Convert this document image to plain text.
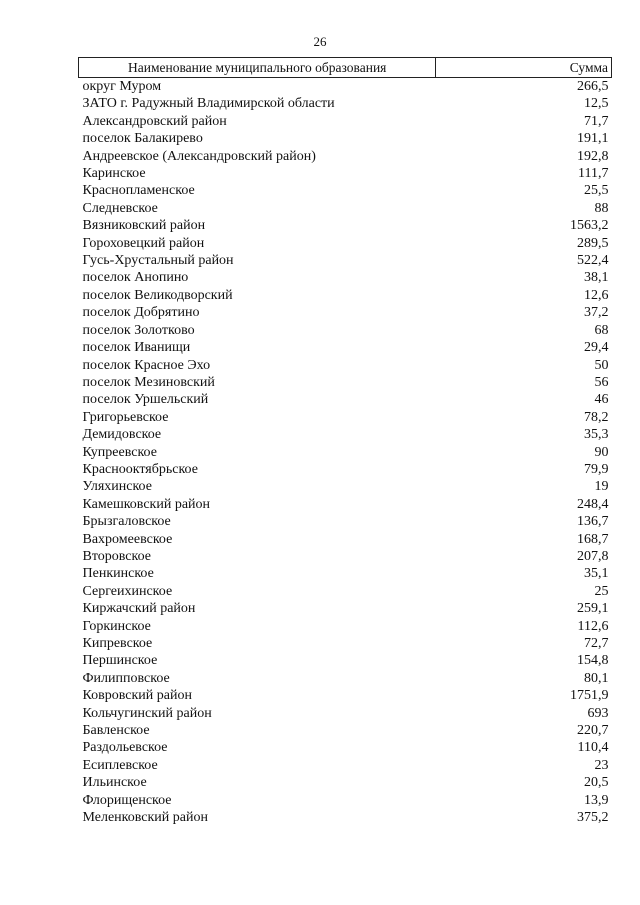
26
Наименование муниципального образования	Сумма
округ Муром	266,5
ЗАТО г. Радужный Владимирской области	12,5
Александровский район	71,7
поселок Балакирево	191,1
Андреевское (Александровский район)	192,8
Каринское	111,7
Краснопламенское	25,5
Следневское	88
Вязниковский район	1563,2
Гороховецкий район	289,5
Гусь-Хрустальный район	522,4
поселок Анопино	38,1
поселок Великодворский	12,6
поселок Добрятино	37,2
поселок Золотково	68
поселок Иванищи	29,4
поселок Красное Эхо	50
поселок Мезиновский	56
поселок Уршельский	46
Григорьевское	78,2
Демидовское	35,3
Купреевское	90
Краснооктябрьское	79,9
Уляхинское	19
Камешковский район	248,4
Брызгаловское	136,7
Вахромеевское	168,7
Второвское	207,8
Пенкинское	35,1
Сергеихинское	25
Киржачский район	259,1
Горкинское	112,6
Кипревское	72,7
Першинское	154,8
Филипповское	80,1
Ковровский район	1751,9
Кольчугинский район	693
Бавленское	220,7
Раздольевское	110,4
Есиплевское	23
Ильинское	20,5
Флорищенское	13,9
Меленковский район	375,2
